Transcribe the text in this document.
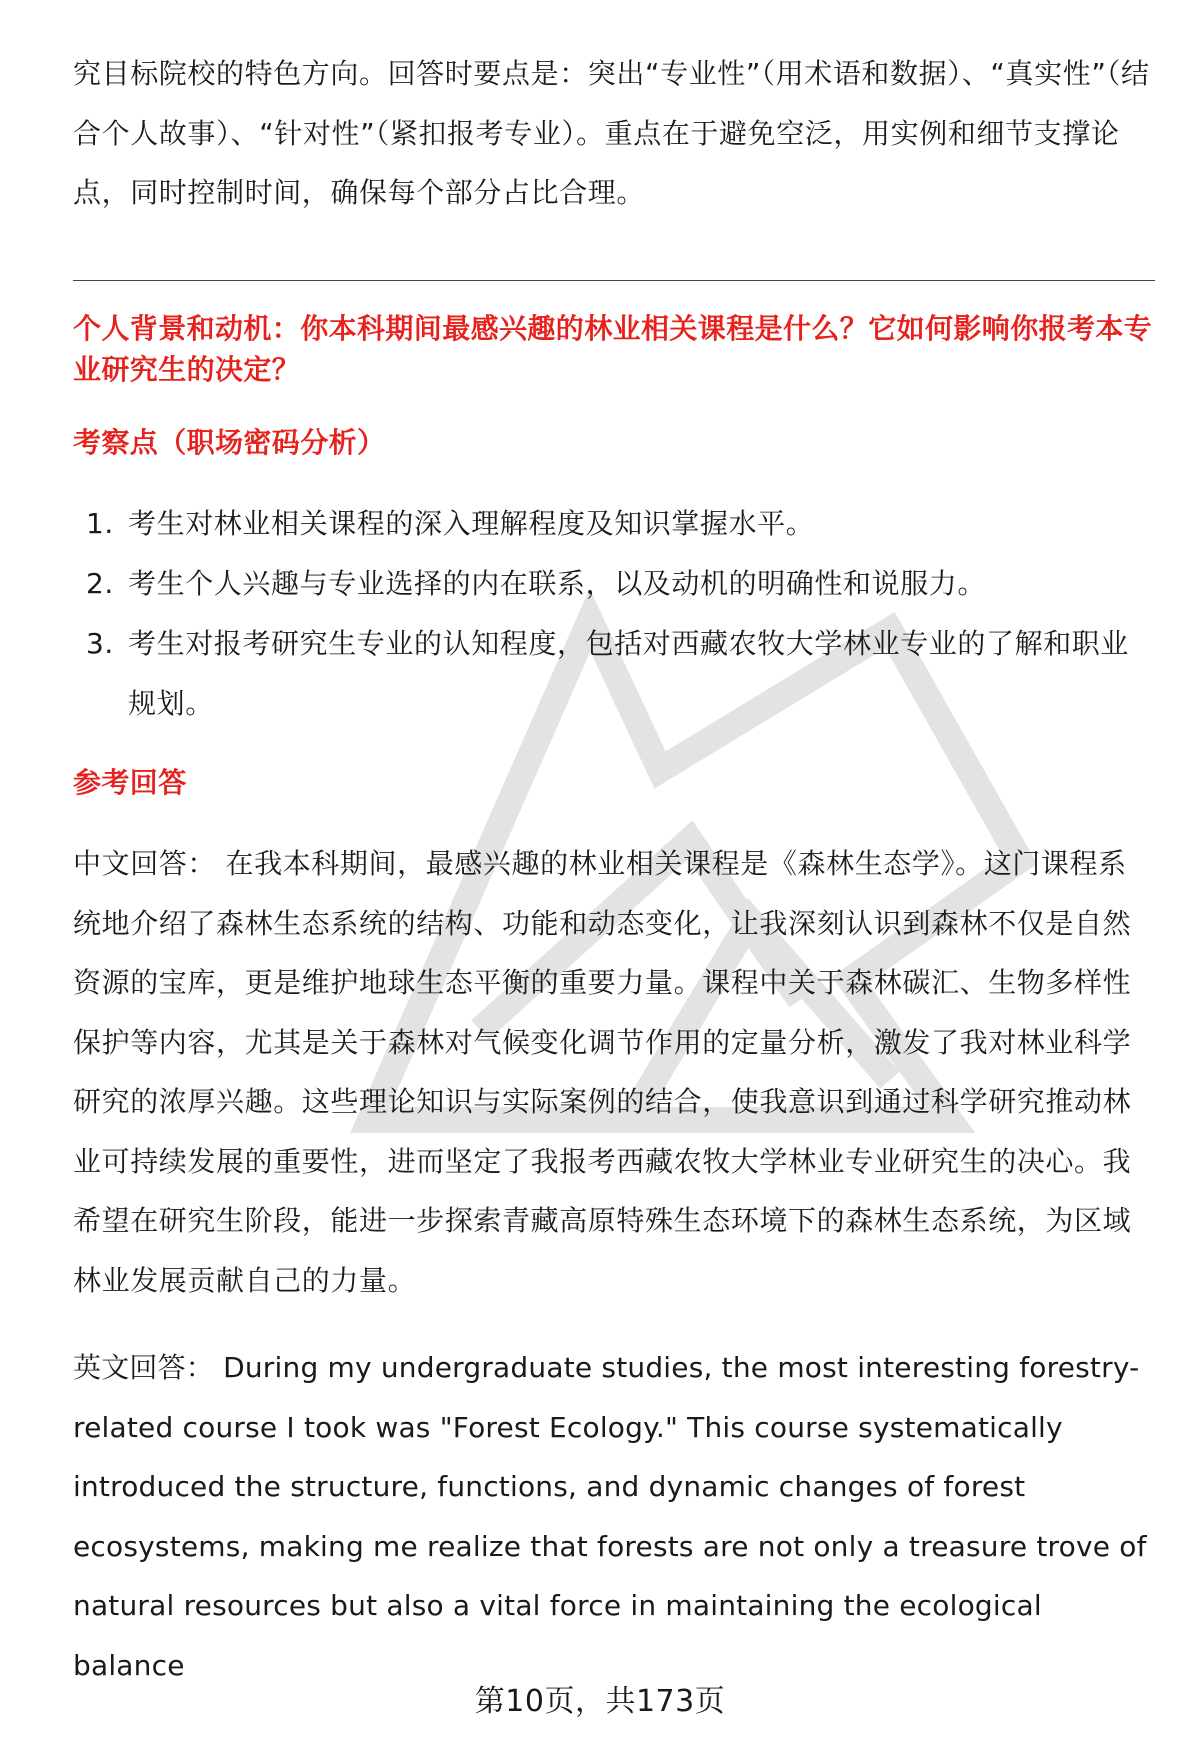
究目标院校的特色方向。回答时要点是：突出“专业性”（用术语和数据）、“真实性”（结合个人故事）、“针对性”（紧扣报考专业）。重点在于避免空泛，用实例和细节支撑论点，同时控制时间，确保每个部分占比合理。

个人背景和动机：你本科期间最感兴趣的林业相关课程是什么？它如何影响你报考本专业研究生的决定？
考察点（职场密码分析）
1. 考生对林业相关课程的深入理解程度及知识掌握水平。
2. 考生个人兴趣与专业选择的内在联系，以及动机的明确性和说服力。
3. 考生对报考研究生专业的认知程度，包括对西藏农牧大学林业专业的了解和职业规划。
参考回答

中文回答： 在我本科期间，最感兴趣的林业相关课程是《森林生态学》。这门课程系统地介绍了森林生态系统的结构、功能和动态变化，让我深刻认识到森林不仅是自然资源的宝库，更是维护地球生态平衡的重要力量。课程中关于森林碳汇、生物多样性保护等内容，尤其是关于森林对气候变化调节作用的定量分析，激发了我对林业科学研究的浓厚兴趣。这些理论知识与实际案例的结合，使我意识到通过科学研究推动林业可持续发展的重要性，进而坚定了我报考西藏农牧大学林业专业研究生的决心。我希望在研究生阶段，能进一步探索青藏高原特殊生态环境下的森林生态系统，为区域林业发展贡献自己的力量。

英文回答： During my undergraduate studies, the most interesting forestry-related course I took was "Forest Ecology." This course systematically introduced the structure, functions, and dynamic changes of forest ecosystems, making me realize that forests are not only a treasure trove of natural resources but also a vital force in maintaining the ecological balance

第10页，共173页
